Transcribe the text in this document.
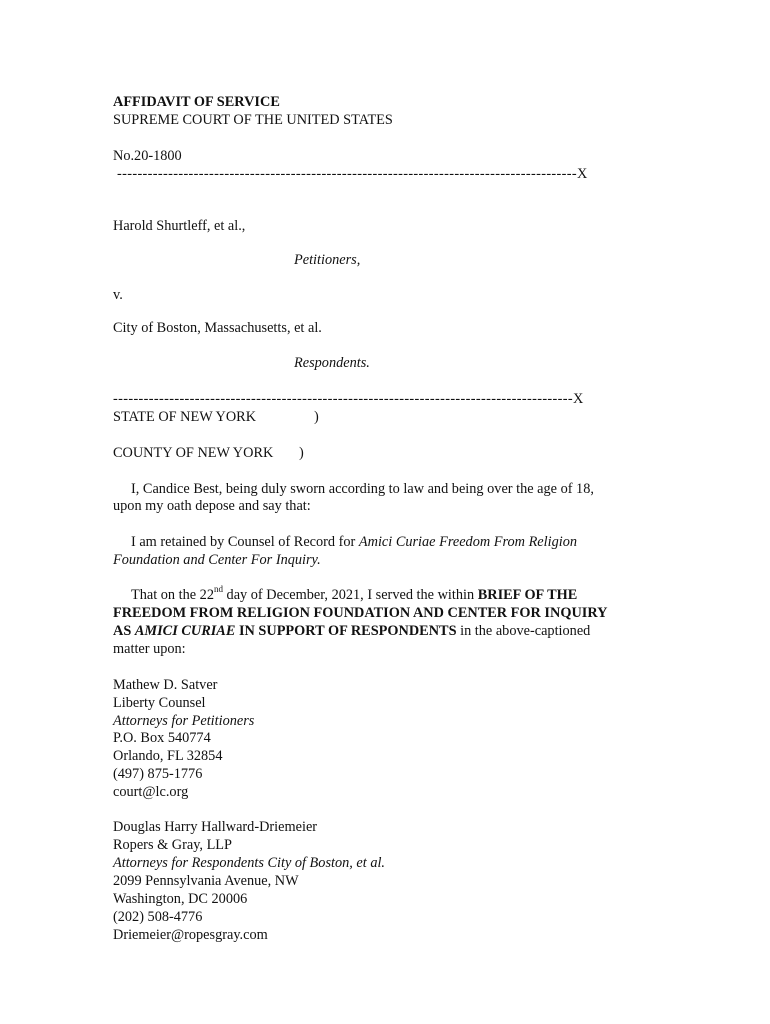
AFFIDAVIT OF SERVICE
SUPREME COURT OF THE UNITED STATES
No.20-1800
------------------------------------------------------------------------------------------X
Harold Shurtleff, et al.,
Petitioners,
v.
City of Boston, Massachusetts, et al.
Respondents.
------------------------------------------------------------------------------------------X
STATE OF NEW YORK	)
COUNTY OF NEW YORK )
I, Candice Best, being duly sworn according to law and being over the age of 18,
upon my oath depose and say that:
I am retained by Counsel of Record for Amici Curiae Freedom From Religion
Foundation and Center For Inquiry.
That on the 22nd day of December, 2021, I served the within BRIEF OF THE
FREEDOM FROM RELIGION FOUNDATION AND CENTER FOR INQUIRY
AS AMICI CURIAE IN SUPPORT OF RESPONDENTS in the above-captioned
matter upon:
Mathew D. Satver
Liberty Counsel
Attorneys for Petitioners
P.O. Box 540774
Orlando, FL 32854
(497) 875-1776
court@lc.org
Douglas Harry Hallward-Driemeier
Ropers & Gray, LLP
Attorneys for Respondents City of Boston, et al.
2099 Pennsylvania Avenue, NW
Washington, DC 20006
(202) 508-4776
Driemeier@ropesgray.com
